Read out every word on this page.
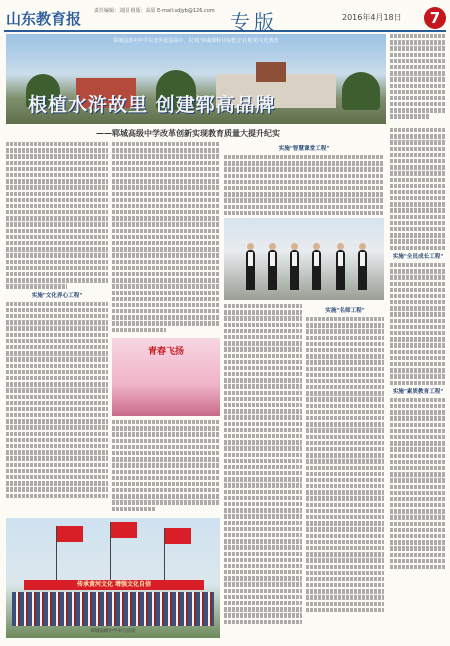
山东教育报	责任编辑：刘国 组版：高原 E-mail:sdjyb@126.com 专版	2016年4月18日	7
郓城县郭屯中学东北外延县高中，以'根'铸魂课程目标整合'扎根'的文化教育
根植水浒故里 创建郓高品牌
——郓城高级中学改革创新实现教育质量大提升纪实
实施"文化养心工程"
实施"智慧课堂工程"
实施"名师工程"
实施"全员成长工程"
实施"素质教育工程"
青春飞扬
传承黄河文化 增强文化自信
郓城高级中学举行活动
